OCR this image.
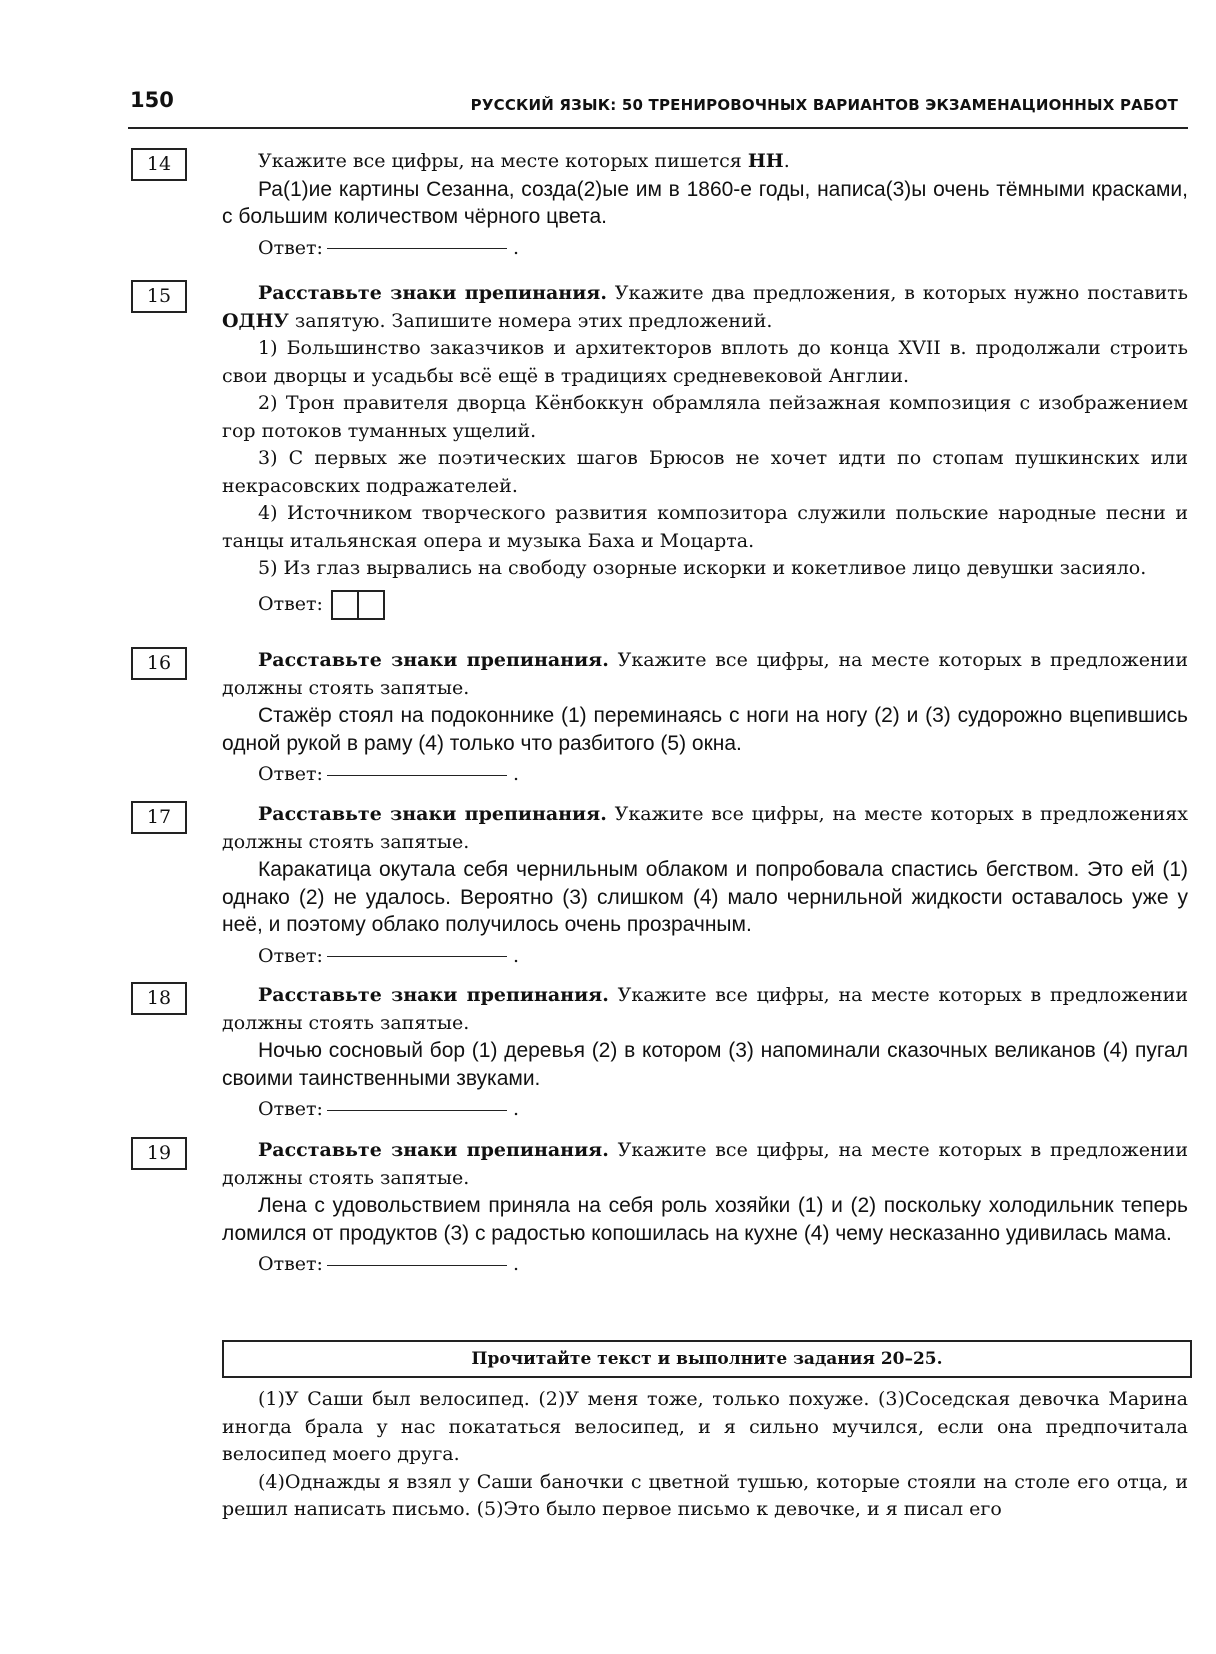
150	РУССКИЙ ЯЗЫК: 50 ТРЕНИРОВОЧНЫХ ВАРИАНТОВ ЭКЗАМЕНАЦИОННЫХ РАБОТ
14	Укажите все цифры, на месте которых пишется НН.

Ра(1)ие картины Сезанна, созда(2)ые им в 1860-е годы, написа(3)ы очень тёмными красками, с большим количеством чёрного цвета.

Ответ:	.
15	Расставьте знаки препинания. Укажите два предложения, в которых нужно поставить ОДНУ запятую. Запишите номера этих предложений.

1) Большинство заказчиков и архитекторов вплоть до конца XVII в. продолжали строить свои дворцы и усадьбы всё ещё в традициях средневековой Англии.

2) Трон правителя дворца Кёнбоккун обрамляла пейзажная композиция с изображением гор потоков туманных ущелий.

3) С первых же поэтических шагов Брюсов не хочет идти по стопам пушкинских или некрасовских подражателей.

4) Источником творческого развития композитора служили польские народные песни и танцы итальянская опера и музыка Баха и Моцарта.

5) Из глаз вырвались на свободу озорные искорки и кокетливое лицо девушки засияло.

Ответ:
16	Расставьте знаки препинания. Укажите все цифры, на месте которых в предложении должны стоять запятые.

Стажёр стоял на подоконнике (1) переминаясь с ноги на ногу (2) и (3) судорожно вцепившись одной рукой в раму (4) только что разбитого (5) окна.

Ответ:	.
17	Расставьте знаки препинания. Укажите все цифры, на месте которых в предложениях должны стоять запятые.

Каракатица окутала себя чернильным облаком и попробовала спастись бегством. Это ей (1) однако (2) не удалось. Вероятно (3) слишком (4) мало чернильной жидкости оставалось уже у неё, и поэтому облако получилось очень прозрачным.

Ответ:	.
18	Расставьте знаки препинания. Укажите все цифры, на месте которых в предложении должны стоять запятые.

Ночью сосновый бор (1) деревья (2) в котором (3) напоминали сказочных великанов (4) пугал своими таинственными звуками.

Ответ:	.
19	Расставьте знаки препинания. Укажите все цифры, на месте которых в предложении должны стоять запятые.

Лена с удовольствием приняла на себя роль хозяйки (1) и (2) поскольку холодильник теперь ломился от продуктов (3) с радостью копошилась на кухне (4) чему несказанно удивилась мама.

Ответ:	.
Прочитайте текст и выполните задания 20–25.

(1)У Саши был велосипед. (2)У меня тоже, только похуже. (3)Соседская девочка Марина иногда брала у нас покататься велосипед, и я сильно мучился, если она предпочитала велосипед моего друга.

(4)Однажды я взял у Саши баночки с цветной тушью, которые стояли на столе его отца, и решил написать письмо. (5)Это было первое письмо к девочке, и я писал его
